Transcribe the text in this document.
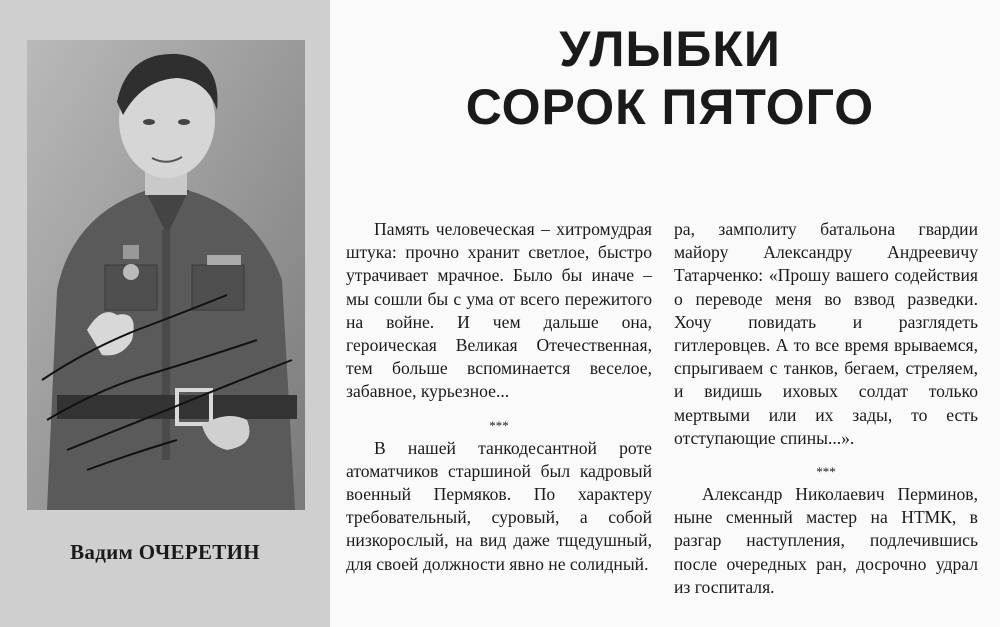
Вадим ОЧЕРЕТИН
УЛЫБКИ
СОРОК ПЯТОГО

Память человеческая – хитромудрая штука: прочно хранит светлое, быстро утрачивает мрачное. Было бы иначе – мы сошли бы с ума от всего пережитого на войне. И чем дальше она, героическая Великая Отечественная, тем больше вспоминается веселое, забавное, курьезное...

***

В нашей танкодесантной роте атоматчиков старшиной был кадровый военный Пермяков. По характеру требовательный, суровый, а собой низкорослый, на вид даже тщедушный, для своей должности явно не солидный.

ра, замполиту батальона гвардии майору Александру Андреевичу Татарченко: «Прошу вашего содействия о переводе меня во взвод разведки. Хочу повидать и разглядеть гитлеровцев. А то все время врываемся, спрыгиваем с танков, бегаем, стреляем, и видишь иховых солдат только мертвыми или их зады, то есть отступающие спины...».

***

Александр Николаевич Перминов, ныне сменный мастер на НТМК, в разгар наступления, подлечившись после очередных ран, досрочно удрал из госпиталя.
